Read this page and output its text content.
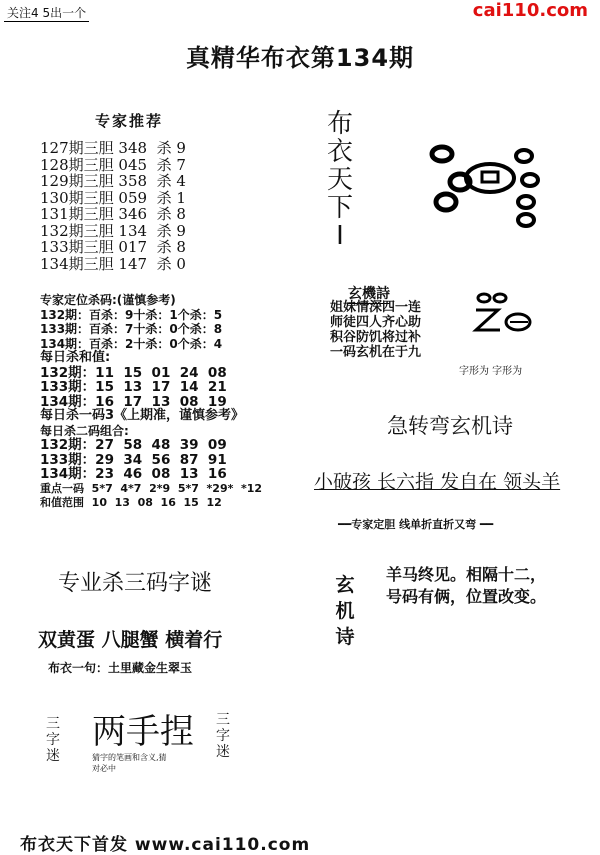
关注4 5出一个	cai110.com
真精华布衣第134期
专家推荐
127期三胆 348  杀 9
128期三胆 045  杀 7
129期三胆 358  杀 4
130期三胆 059  杀 1
131期三胆 346  杀 8
132期三胆 134  杀 9
133期三胆 017  杀 8
134期三胆 147  杀 0
专家定位杀码:(谨慎参考)
132期：百杀：9十杀：1个杀：5
133期：百杀：7十杀：0个杀：8
134期：百杀：2十杀：0个杀：4
每日杀和值:
132期：11  15  01  24  08
133期：15  13  17  14  21
134期：16  17  13  08  19
每日杀一码3《上期准，谨慎参考》
每日杀二码组合:
132期：27  58  48  39  09
133期：29  34  56  87  91
134期：23  46  08  13  16
重点一码  5*7  4*7  2*9  5*7  *29*  *12
和值范围  10  13  08  16  15  12
专业杀三码字谜
双黄蛋 八腿蟹 横着行
布衣一句：土里藏金生翠玉
三
字
迷
两手捏 三
字
迷
猜字的笔画和含义,猜
对必中
布
衣
天
下
I
玄機詩
姐妹情深四一连
师徒四人齐心助
积谷防饥将过补
一码玄机在于九
字形为 字形为
急转弯玄机诗
小破孩 长六指 发自在 领头羊
━━专家定胆 线单折直折又弯 ━━
玄
机
诗
羊马终见。相隔十二，
号码有俩，位置改变。
布衣天下首发 www.cai110.com
